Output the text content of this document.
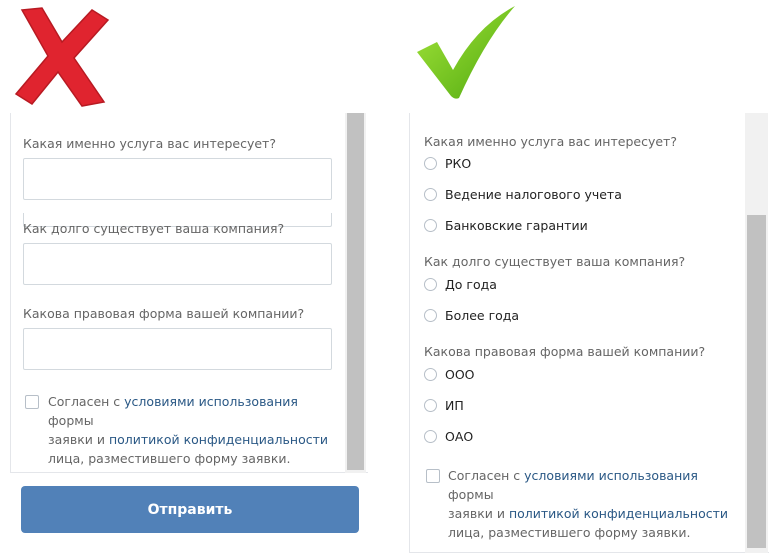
Какая именно услуга вас интересует?
Как долго существует ваша компания?
Какова правовая форма вашей компании?
Согласен с условиями использования формы
заявки и политикой конфиденциальности
лица, разместившего форму заявки.
Отправить
Какая именно услуга вас интересует?
РКО
Ведение налогового учета
Банковские гарантии
Как долго существует ваша компания?
До года
Более года
Какова правовая форма вашей компании?
ООО
ИП
ОАО
Согласен с условиями использования формы
заявки и политикой конфиденциальности
лица, разместившего форму заявки.
